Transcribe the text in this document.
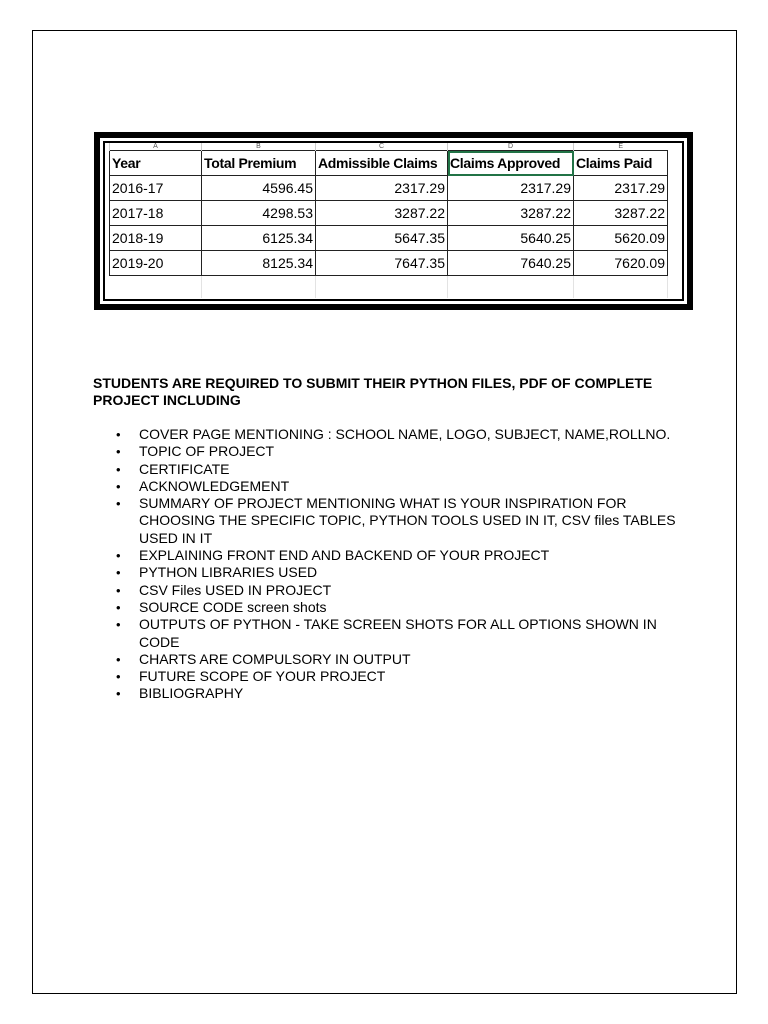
A	B	C	D	E
Year	Total Premium	Admissible Claims	Claims Approved	Claims Paid
2016-17	4596.45	2317.29	2317.29	2317.29
2017-18	4298.53	3287.22	3287.22	3287.22
2018-19	6125.34	5647.35	5640.25	5620.09
2019-20	8125.34	7647.35	7640.25	7620.09

STUDENTS ARE REQUIRED TO SUBMIT THEIR PYTHON FILES, PDF OF COMPLETE PROJECT INCLUDING
• COVER PAGE MENTIONING : SCHOOL NAME, LOGO, SUBJECT, NAME,ROLLNO.
• TOPIC OF PROJECT
• CERTIFICATE
• ACKNOWLEDGEMENT
• SUMMARY OF PROJECT MENTIONING WHAT IS YOUR INSPIRATION FOR CHOOSING THE SPECIFIC TOPIC, PYTHON TOOLS USED IN IT, CSV files TABLES USED IN IT
• EXPLAINING FRONT END AND BACKEND OF YOUR PROJECT
• PYTHON LIBRARIES USED
• CSV Files USED IN PROJECT
• SOURCE CODE screen shots
• OUTPUTS OF PYTHON - TAKE SCREEN SHOTS FOR ALL OPTIONS SHOWN IN CODE
• CHARTS ARE COMPULSORY IN OUTPUT
• FUTURE SCOPE OF YOUR PROJECT
• BIBLIOGRAPHY
